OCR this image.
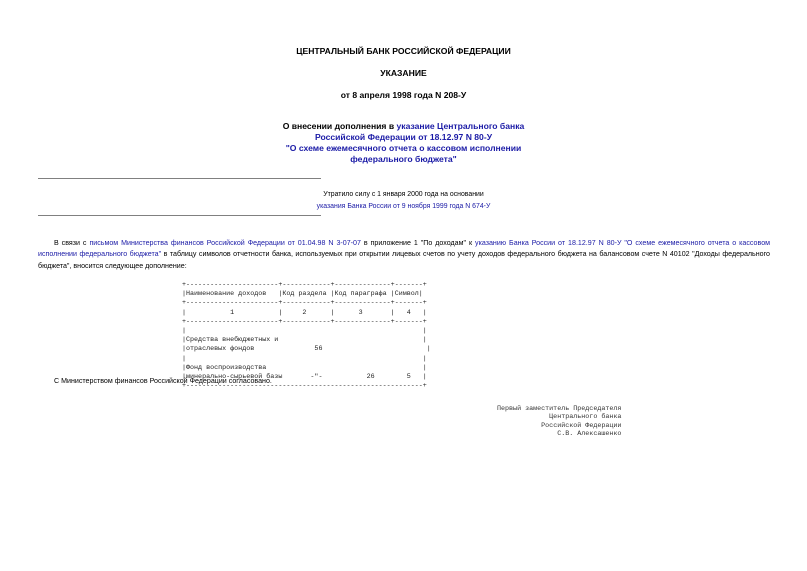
ЦЕНТРАЛЬНЫЙ БАНК РОССИЙСКОЙ ФЕДЕРАЦИИ
УКАЗАНИЕ
от 8 апреля 1998 года N 208-У
О внесении дополнения в указание Центрального банка
Российской Федерации от 18.12.97 N 80-У
"О схеме ежемесячного отчета о кассовом исполнении
федерального бюджета"
Утратило силу с 1 января 2000 года на основании
указания Банка России от 9 ноября 1999 года N 674-У
В связи с письмом Министерства финансов Российской Федерации от 01.04.98 N 3-07-07 в приложение 1 "По доходам" к указанию Банка России от 18.12.97 N 80-У "О схеме ежемесячного отчета о кассовом исполнении федерального бюджета" в таблицу символов отчетности банка, используемых при открытии лицевых счетов по учету доходов федерального бюджета на балансовом счете N 40102 "Доходы федерального бюджета", вносится следующее дополнение:
+-----------------------+------------+--------------+-------+
|Наименование доходов   |Код раздела |Код параграфа |Символ|
+-----------------------+------------+--------------+-------+
|           1           |     2      |      3       |   4   |
+-----------------------+------------+--------------+-------+
|                                                           |
|Средства внебюджетных и                                    |
|отраслевых фондов               56                          |
|                                                           |
|Фонд воспроизводства                                       |
|минерально-сырьевой базы       -"-           26        5   |
+-----------------------------------------------------------+
С Министерством финансов Российской Федерации согласовано.
Первый заместитель Председателя
Центрального банка
Российской Федерации
С.В. Алексашенко
